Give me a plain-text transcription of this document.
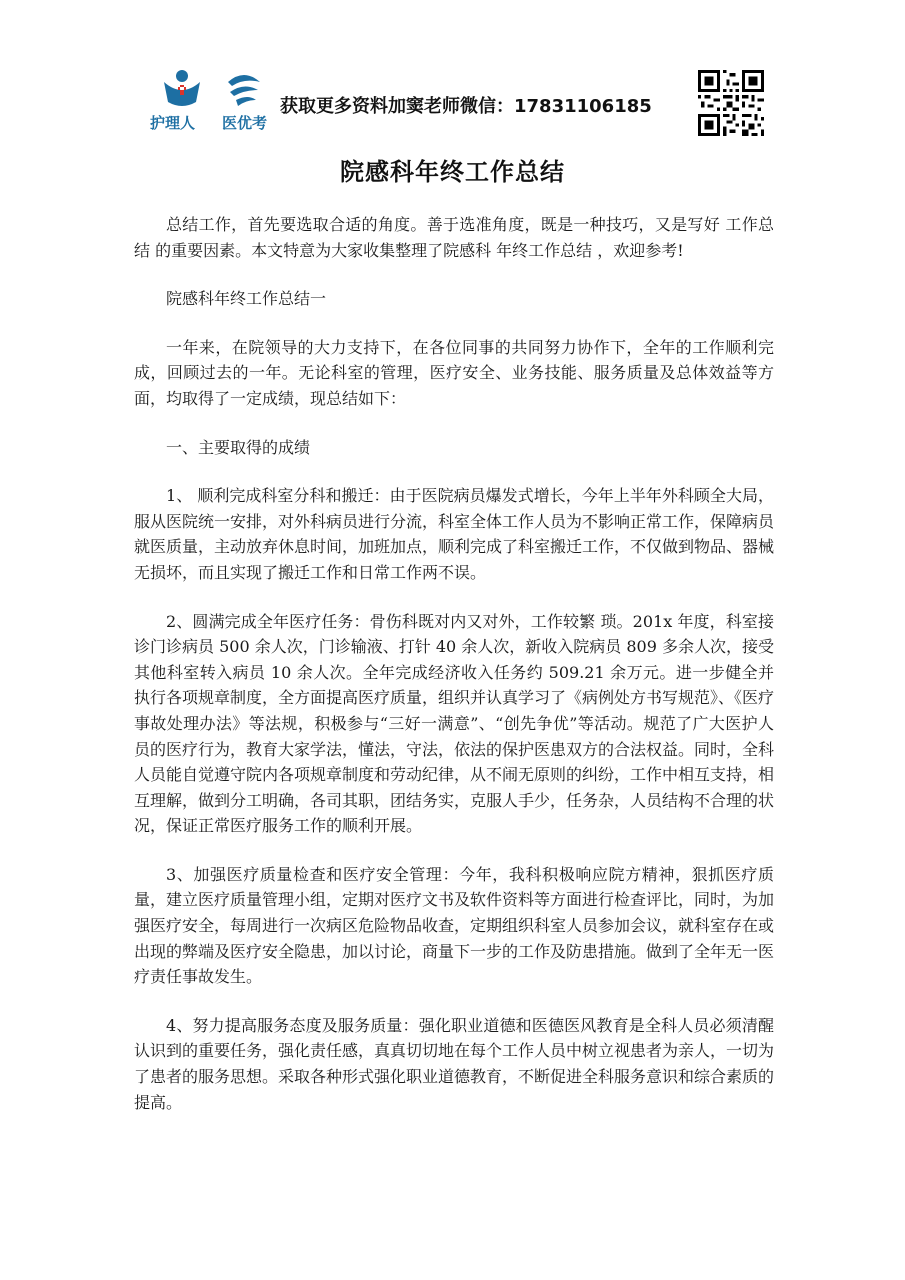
护理人	医优考
获取更多资料加窦老师微信：17831106185
院感科年终工作总结

总结工作，首先要选取合适的角度。善于选准角度，既是一种技巧，又是写好 工作总结 的重要因素。本文特意为大家收集整理了院感科 年终工作总结 ，欢迎参考!

院感科年终工作总结一

一年来，在院领导的大力支持下，在各位同事的共同努力协作下，全年的工作顺利完成，回顾过去的一年。无论科室的管理，医疗安全、业务技能、服务质量及总体效益等方面，均取得了一定成绩，现总结如下：

一、主要取得的成绩

1、 顺利完成科室分科和搬迁：由于医院病员爆发式增长，今年上半年外科顾全大局，服从医院统一安排，对外科病员进行分流，科室全体工作人员为不影响正常工作，保障病员就医质量，主动放弃休息时间，加班加点，顺利完成了科室搬迁工作，不仅做到物品、器械无损坏，而且实现了搬迁工作和日常工作两不误。

2、圆满完成全年医疗任务：骨伤科既对内又对外，工作较繁 琐。201x 年度，科室接诊门诊病员 500 余人次，门诊输液、打针 40 余人次，新收入院病员 809 多余人次，接受其他科室转入病员 10 余人次。全年完成经济收入任务约 509.21 余万元。进一步健全并执行各项规章制度，全方面提高医疗质量，组织并认真学习了《病例处方书写规范》、《医疗事故处理办法》等法规，积极参与“三好一满意”、“创先争优”等活动。规范了广大医护人员的医疗行为，教育大家学法，懂法，守法，依法的保护医患双方的合法权益。同时，全科人员能自觉遵守院内各项规章制度和劳动纪律，从不闹无原则的纠纷，工作中相互支持，相互理解，做到分工明确，各司其职，团结务实，克服人手少，任务杂，人员结构不合理的状况，保证正常医疗服务工作的顺利开展。

3、加强医疗质量检查和医疗安全管理：今年，我科积极响应院方精神，狠抓医疗质量，建立医疗质量管理小组，定期对医疗文书及软件资料等方面进行检查评比，同时，为加强医疗安全，每周进行一次病区危险物品收查，定期组织科室人员参加会议，就科室存在或出现的弊端及医疗安全隐患，加以讨论，商量下一步的工作及防患措施。做到了全年无一医疗责任事故发生。

4、努力提高服务态度及服务质量：强化职业道德和医德医风教育是全科人员必须清醒认识到的重要任务，强化责任感，真真切切地在每个工作人员中树立视患者为亲人，一切为了患者的服务思想。采取各种形式强化职业道德教育，不断促进全科服务意识和综合素质的提高。
